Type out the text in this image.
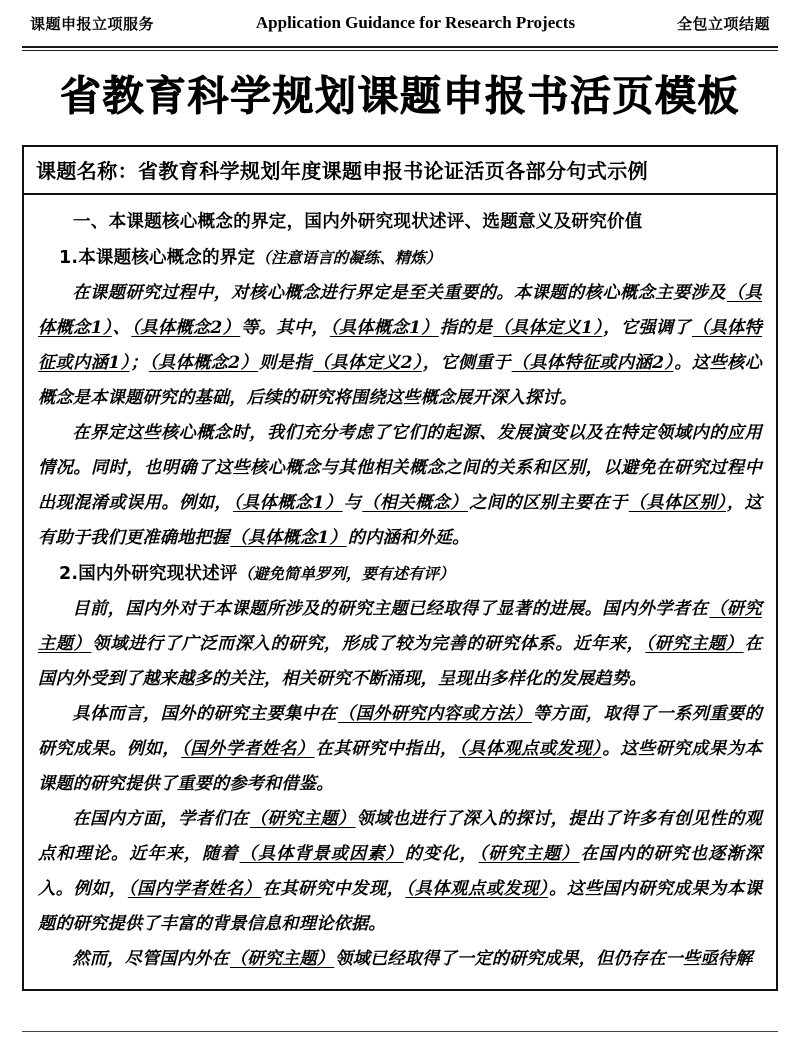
课题申报立项服务	Application Guidance for Research Projects	全包立项结题
省教育科学规划课题申报书活页模板
课题名称：省教育科学规划年度课题申报书论证活页各部分句式示例
一、本课题核心概念的界定，国内外研究现状述评、选题意义及研究价值
1.本课题核心概念的界定（注意语言的凝练、精炼）

在课题研究过程中，对核心概念进行界定是至关重要的。本课题的核心概念主要涉及（具体概念1）、（具体概念2）等。其中，（具体概念1）指的是（具体定义1），它强调了（具体特征或内涵1）；（具体概念2）则是指（具体定义2），它侧重于（具体特征或内涵2）。这些核心概念是本课题研究的基础，后续的研究将围绕这些概念展开深入探讨。

在界定这些核心概念时，我们充分考虑了它们的起源、发展演变以及在特定领域内的应用情况。同时，也明确了这些核心概念与其他相关概念之间的关系和区别，以避免在研究过程中出现混淆或误用。例如，（具体概念1）与（相关概念）之间的区别主要在于（具体区别），这有助于我们更准确地把握（具体概念1）的内涵和外延。

2.国内外研究现状述评（避免简单罗列，要有述有评）

目前，国内外对于本课题所涉及的研究主题已经取得了显著的进展。国内外学者在（研究主题）领域进行了广泛而深入的研究，形成了较为完善的研究体系。近年来，（研究主题）在国内外受到了越来越多的关注，相关研究不断涌现，呈现出多样化的发展趋势。

具体而言，国外的研究主要集中在（国外研究内容或方法）等方面，取得了一系列重要的研究成果。例如，（国外学者姓名）在其研究中指出，（具体观点或发现）。这些研究成果为本课题的研究提供了重要的参考和借鉴。

在国内方面，学者们在（研究主题）领域也进行了深入的探讨，提出了许多有创见性的观点和理论。近年来，随着（具体背景或因素）的变化，（研究主题）在国内的研究也逐渐深入。例如，（国内学者姓名）在其研究中发现，（具体观点或发现）。这些国内研究成果为本课题的研究提供了丰富的背景信息和理论依据。

然而，尽管国内外在（研究主题）领域已经取得了一定的研究成果，但仍存在一些亟待解
